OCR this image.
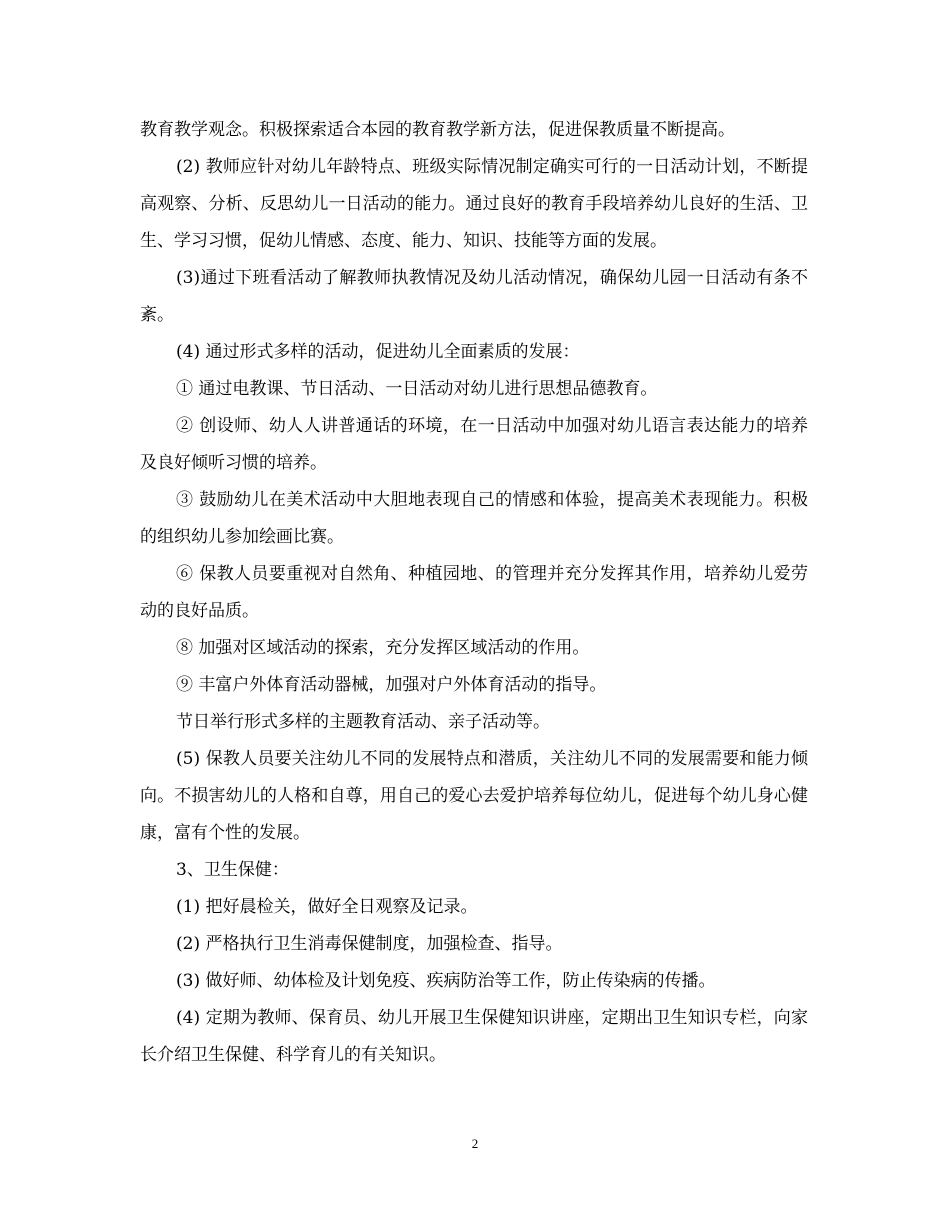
教育教学观念。积极探索适合本园的教育教学新方法，促进保教质量不断提高。

(2) 教师应针对幼儿年龄特点、班级实际情况制定确实可行的一日活动计划，不断提高观察、分析、反思幼儿一日活动的能力。通过良好的教育手段培养幼儿良好的生活、卫生、学习习惯，促幼儿情感、态度、能力、知识、技能等方面的发展。

(3)通过下班看活动了解教师执教情况及幼儿活动情况，确保幼儿园一日活动有条不紊。

(4) 通过形式多样的活动，促进幼儿全面素质的发展：

① 通过电教课、节日活动、一日活动对幼儿进行思想品德教育。

② 创设师、幼人人讲普通话的环境，在一日活动中加强对幼儿语言表达能力的培养及良好倾听习惯的培养。

③ 鼓励幼儿在美术活动中大胆地表现自己的情感和体验，提高美术表现能力。积极的组织幼儿参加绘画比赛。

⑥ 保教人员要重视对自然角、种植园地、的管理并充分发挥其作用，培养幼儿爱劳动的良好品质。

⑧ 加强对区域活动的探索，充分发挥区域活动的作用。

⑨ 丰富户外体育活动器械，加强对户外体育活动的指导。

节日举行形式多样的主题教育活动、亲子活动等。

(5) 保教人员要关注幼儿不同的发展特点和潜质，关注幼儿不同的发展需要和能力倾向。不损害幼儿的人格和自尊，用自己的爱心去爱护培养每位幼儿，促进每个幼儿身心健康，富有个性的发展。

3、卫生保健：

(1) 把好晨检关，做好全日观察及记录。

(2) 严格执行卫生消毒保健制度，加强检查、指导。

(3) 做好师、幼体检及计划免疫、疾病防治等工作，防止传染病的传播。

(4) 定期为教师、保育员、幼儿开展卫生保健知识讲座，定期出卫生知识专栏，向家长介绍卫生保健、科学育儿的有关知识。

2
